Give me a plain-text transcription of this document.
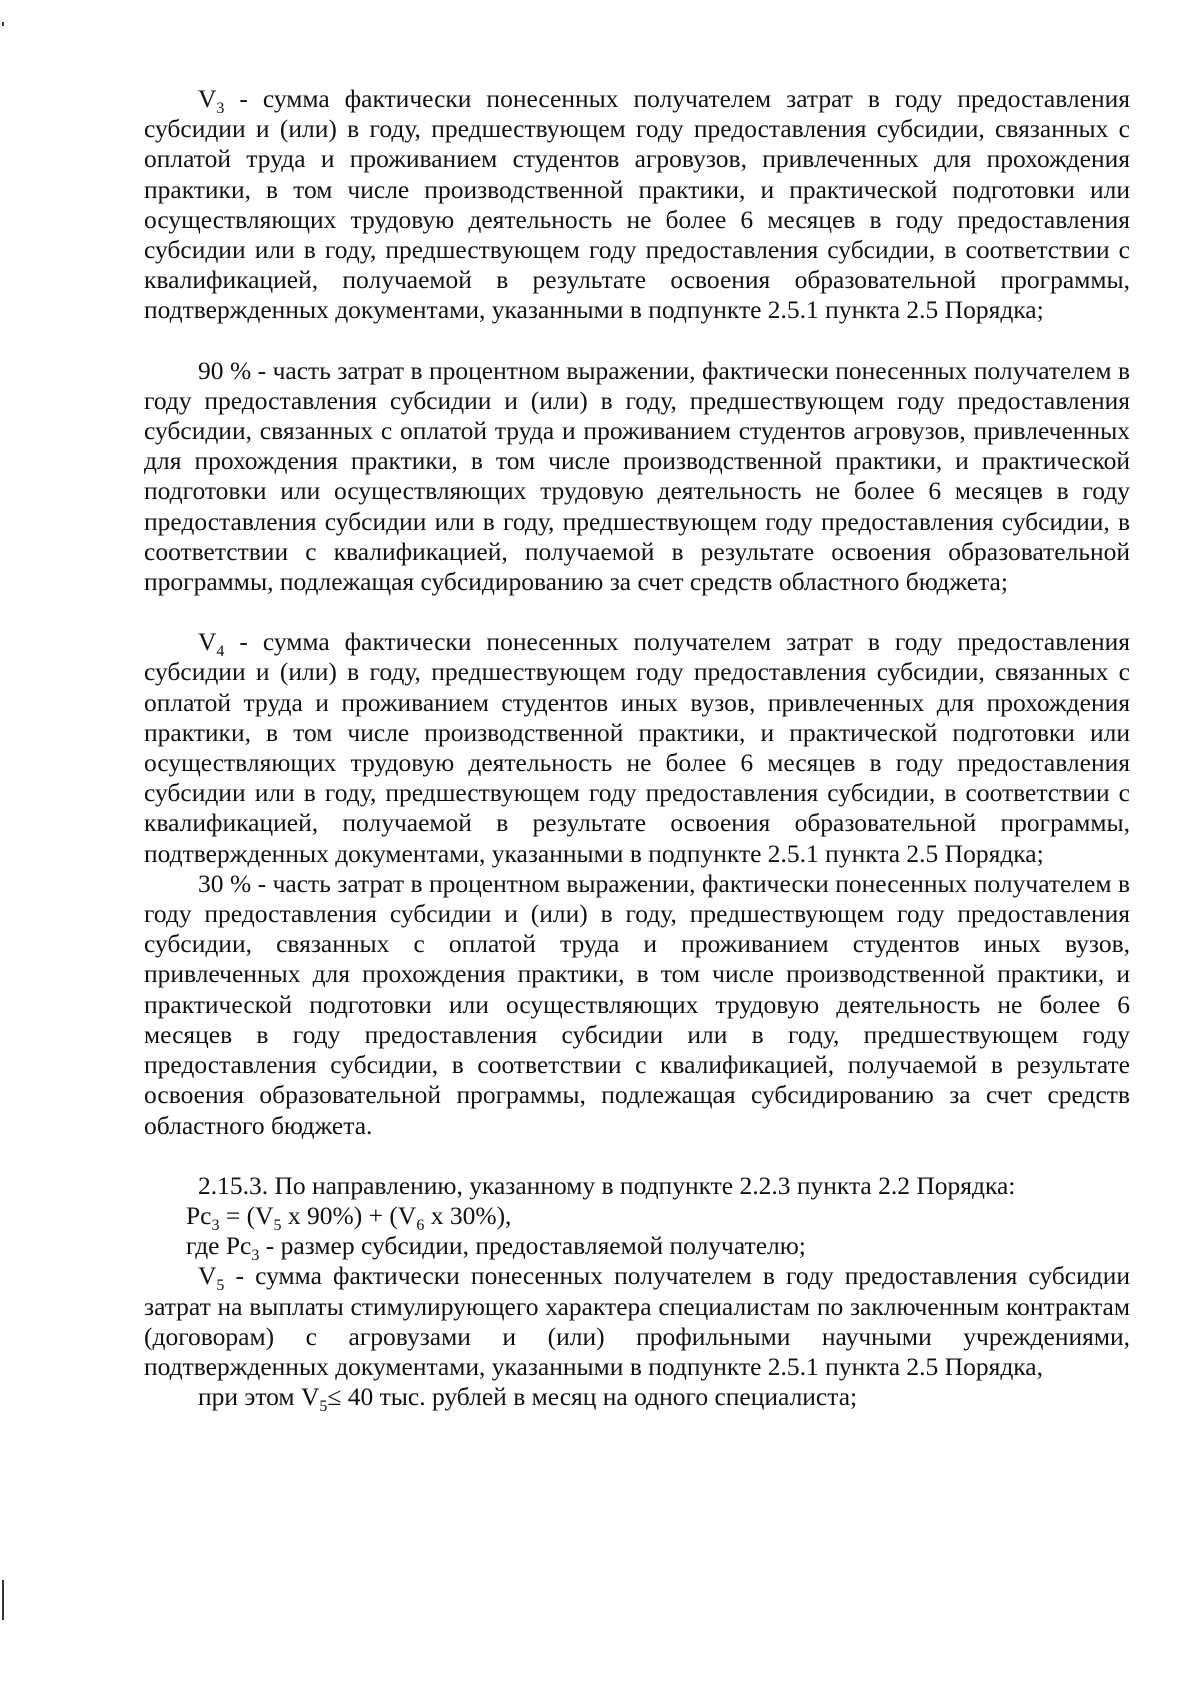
$V_3$ - сумма фактически понесенных получателем затрат в году предоставления субсидии и (или) в году, предшествующем году предоставления субсидии, связанных с оплатой труда и проживанием студентов агровузов, привлеченных для прохождения практики, в том числе производственной практики, и практической подготовки или осуществляющих трудовую деятельность не более 6 месяцев в году предоставления субсидии или в году, предшествующем году предоставления субсидии, в соответствии с квалификацией, получаемой в результате освоения образовательной программы, подтвержденных документами, указанными в подпункте 2.5.1 пункта 2.5 Порядка;

90 % - часть затрат в процентном выражении, фактически понесенных получателем в году предоставления субсидии и (или) в году, предшествующем году предоставления субсидии, связанных с оплатой труда и проживанием студентов агровузов, привлеченных для прохождения практики, в том числе производственной практики, и практической подготовки или осуществляющих трудовую деятельность не более 6 месяцев в году предоставления субсидии или в году, предшествующем году предоставления субсидии, в соответствии с квалификацией, получаемой в результате освоения образовательной программы, подлежащая субсидированию за счет средств областного бюджета;

$V_4$ - сумма фактически понесенных получателем затрат в году предоставления субсидии и (или) в году, предшествующем году предоставления субсидии, связанных с оплатой труда и проживанием студентов иных вузов, привлеченных для прохождения практики, в том числе производственной практики, и практической подготовки или осуществляющих трудовую деятельность не более 6 месяцев в году предоставления субсидии или в году, предшествующем году предоставления субсидии, в соответствии с квалификацией, получаемой в результате освоения образовательной программы, подтвержденных документами, указанными в подпункте 2.5.1 пункта 2.5 Порядка;

30 % - часть затрат в процентном выражении, фактически понесенных получателем в году предоставления субсидии и (или) в году, предшествующем году предоставления субсидии, связанных с оплатой труда и проживанием студентов иных вузов, привлеченных для прохождения практики, в том числе производственной практики, и практической подготовки или осуществляющих трудовую деятельность не более 6 месяцев в году предоставления субсидии или в году, предшествующем году предоставления субсидии, в соответствии с квалификацией, получаемой в результате освоения образовательной программы, подлежащая субсидированию за счет средств областного бюджета.

2.15.3. По направлению, указанному в подпункте 2.2.3 пункта 2.2 Порядка:

$Рс_3 = (V_5$ x $90\%) + (V_6$ x 30%),

где $Рс_3$ - размер субсидии, предоставляемой получателю;

$V_5$ - сумма фактически понесенных получателем в году предоставления субсидии затрат на выплаты стимулирующего характера специалистам по заключенным контрактам (договорам) с агровузами и (или) профильными научными учреждениями, подтвержденных документами, указанными в подпункте 2.5.1 пункта 2.5 Порядка,

при этом $V_5\le 40$ тыс. рублей в месяц на одного специалиста;
